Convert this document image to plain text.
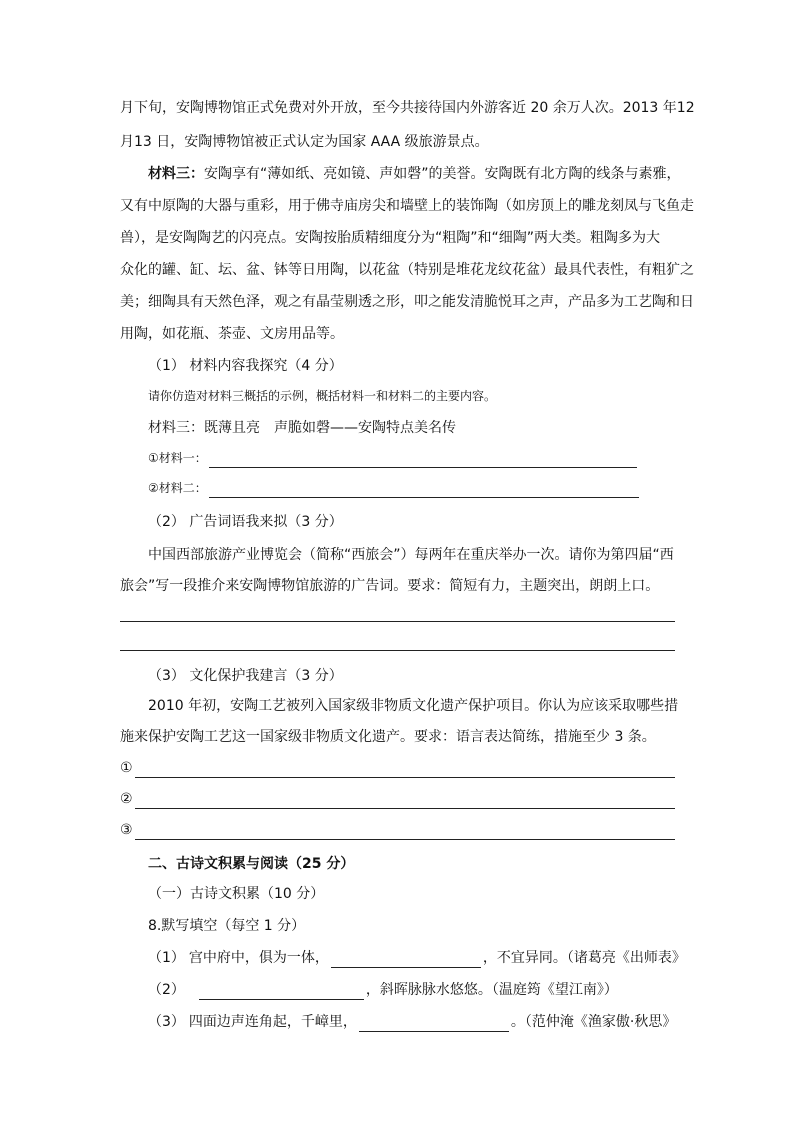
月下旬，安陶博物馆正式免费对外开放，至今共接待国内外游客近 20 余万人次。2013 年12
月13 日，安陶博物馆被正式认定为国家 AAA 级旅游景点。
材料三：安陶享有“薄如纸、亮如镜、声如磬”的美誉。安陶既有北方陶的线条与素雅，
又有中原陶的大器与重彩，用于佛寺庙房尖和墙壁上的装饰陶（如房顶上的雕龙刻凤与飞鱼走
兽），是安陶陶艺的闪亮点。安陶按胎质精细度分为“粗陶”和“细陶”两大类。粗陶多为大
众化的罐、缸、坛、盆、钵等日用陶，以花盆（特别是堆花龙纹花盆）最具代表性，有粗犷之
美；细陶具有天然色泽，观之有晶莹剔透之形，叩之能发清脆悦耳之声，产品多为工艺陶和日
用陶，如花瓶、茶壶、文房用品等。
（1） 材料内容我探究（4 分）
请你仿造对材料三概括的示例，概括材料一和材料二的主要内容。
材料三：既薄且亮　声脆如磬——安陶特点美名传
①材料一：
②材料二：
（2） 广告词语我来拟（3 分）
中国西部旅游产业博览会（简称“西旅会”）每两年在重庆举办一次。请你为第四届“西
旅会”写一段推介来安陶博物馆旅游的广告词。要求：简短有力，主题突出，朗朗上口。
（3） 文化保护我建言（3 分）
2010 年初，安陶工艺被列入国家级非物质文化遗产保护项目。你认为应该采取哪些措
施来保护安陶工艺这一国家级非物质文化遗产。要求：语言表达简练，措施至少 3 条。
①
②
③
二、古诗文积累与阅读（25 分）
（一）古诗文积累（10 分）
8.默写填空（每空 1 分）
（1） 宫中府中，俱为一体，	，不宜异同。（诸葛亮《出师表》
（2）	，斜晖脉脉水悠悠。（温庭筠《望江南》）
（3） 四面边声连角起，千嶂里，	。（范仲淹《渔家傲·秋思》
